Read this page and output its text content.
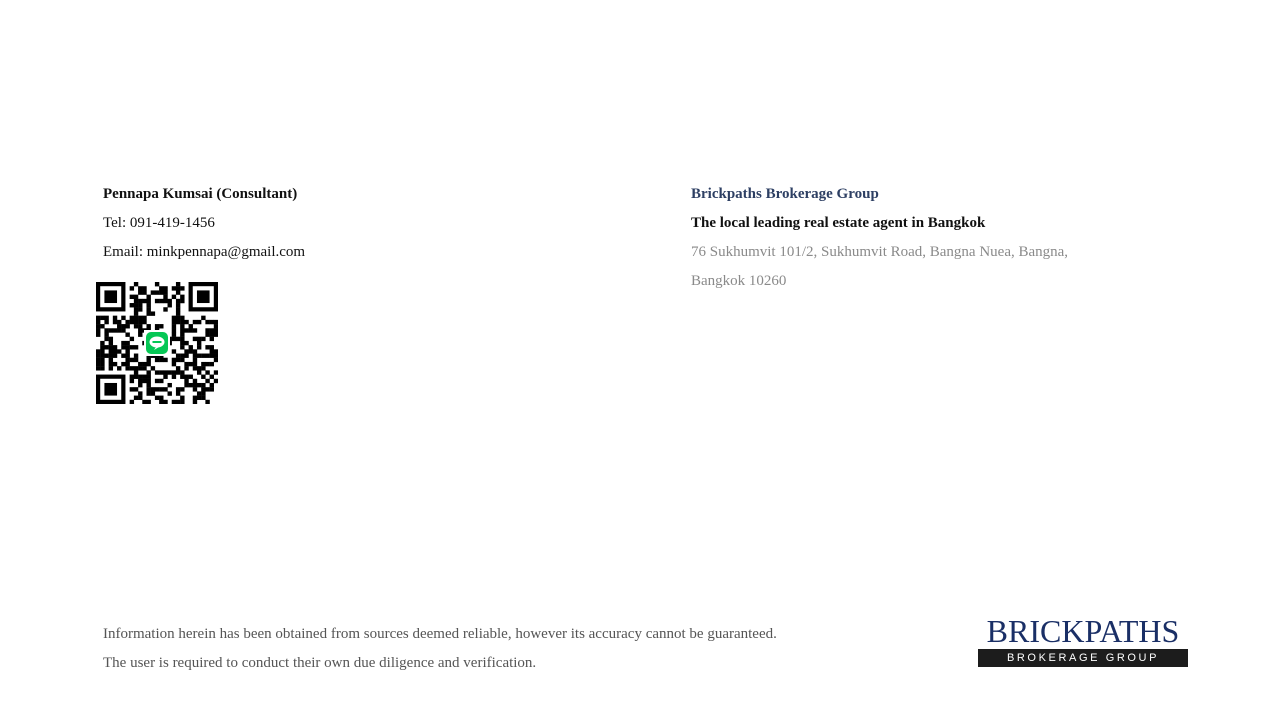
Pennapa Kumsai (Consultant)
Tel: 091-419-1456
Email: minkpennapa@gmail.com
Brickpaths Brokerage Group
The local leading real estate agent in Bangkok
76 Sukhumvit 101/2, Sukhumvit Road, Bangna Nuea, Bangna,
Bangkok 10260
Information herein has been obtained from sources deemed reliable, however its accuracy cannot be guaranteed.
The user is required to conduct their own due diligence and verification.
BRICKPATHS
BROKERAGE GROUP
